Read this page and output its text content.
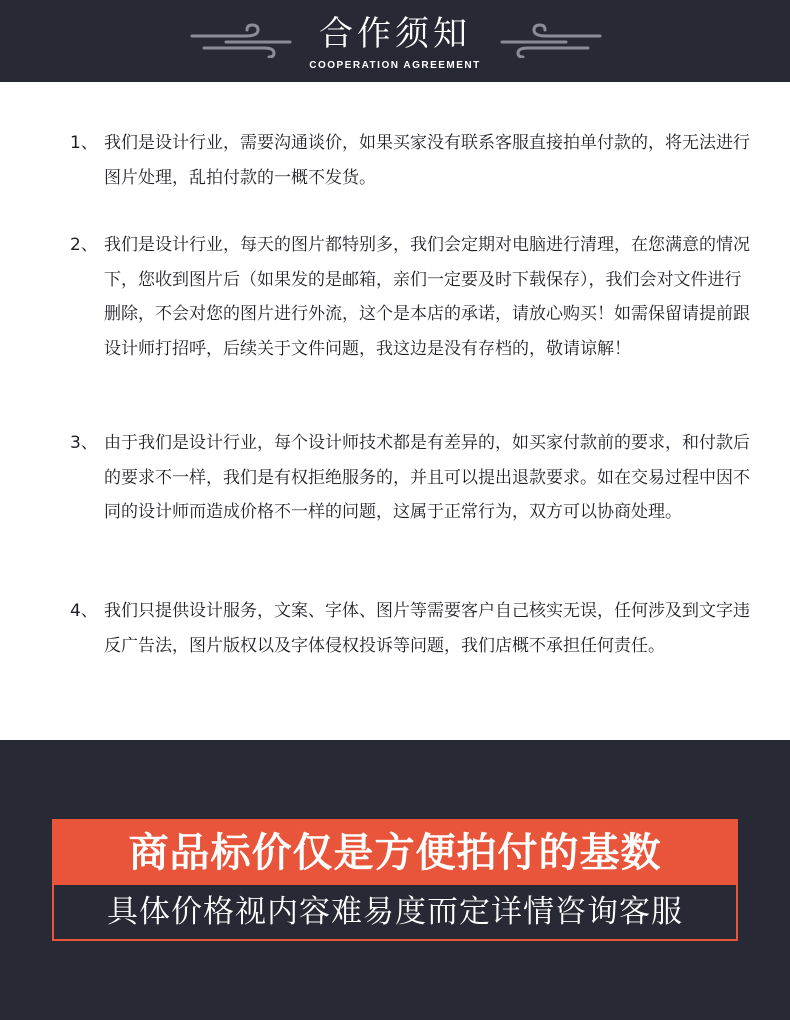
合作须知
COOPERATION AGREEMENT
1、 我们是设计行业，需要沟通谈价，如果买家没有联系客服直接拍单付款的，将无法进行图片处理，乱拍付款的一概不发货。
2、 我们是设计行业，每天的图片都特别多，我们会定期对电脑进行清理，在您满意的情况下，您收到图片后（如果发的是邮箱，亲们一定要及时下载保存），我们会对文件进行删除，不会对您的图片进行外流，这个是本店的承诺，请放心购买！如需保留请提前跟设计师打招呼，后续关于文件问题，我这边是没有存档的，敬请谅解！
3、 由于我们是设计行业，每个设计师技术都是有差异的，如买家付款前的要求，和付款后的要求不一样，我们是有权拒绝服务的，并且可以提出退款要求。如在交易过程中因不同的设计师而造成价格不一样的问题，这属于正常行为，双方可以协商处理。
4、 我们只提供设计服务，文案、字体、图片等需要客户自己核实无误，任何涉及到文字违反广告法，图片版权以及字体侵权投诉等问题，我们店概不承担任何责任。
商品标价仅是方便拍付的基数
具体价格视内容难易度而定详情咨询客服
